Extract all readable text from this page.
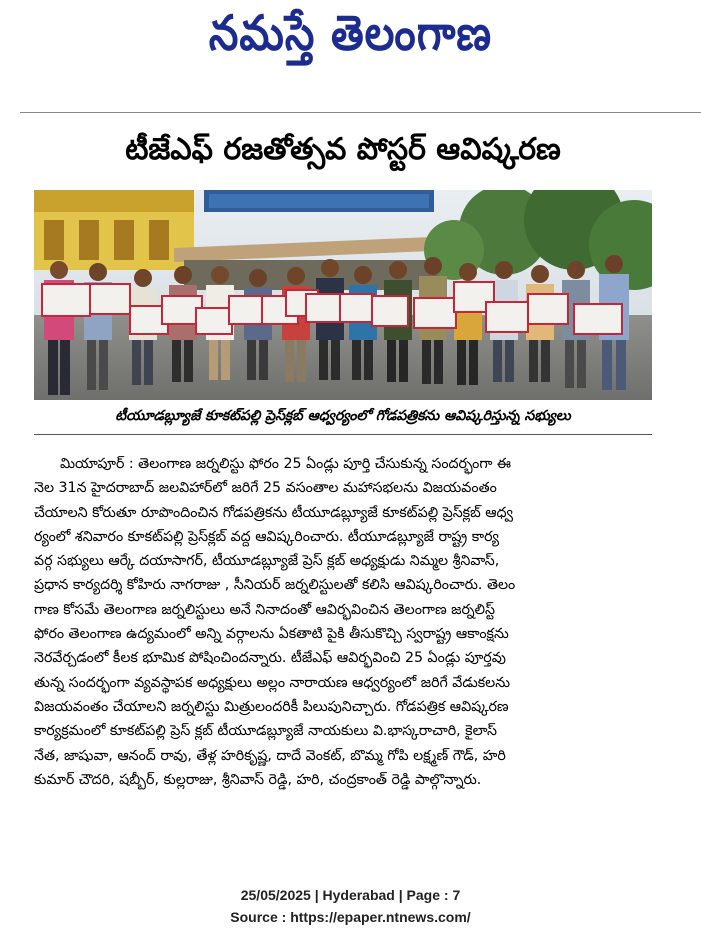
నమస్తే తెలంగాణ
టీజేఎఫ్ రజతోత్సవ పోస్టర్ ఆవిష్కరణ
టీయూడబ్ల్యూజే కూకట్‌పల్లి ప్రెస్‌క్లబ్ ఆధ్వర్యంలో గోడపత్రికను ఆవిష్కరిస్తున్న సభ్యులు

మియాపూర్ : తెలంగాణ జర్నలిస్టు ఫోరం 25 ఏండ్లు పూర్తి చేసుకున్న సందర్భంగా ఈ

నెల 31న హైదరాబాద్ జలవిహార్‌లో జరిగే 25 వసంతాల మహాసభలను విజయవంతం

చేయాలని కోరుతూ రూపొందించిన గోడపత్రికను టీయూడబ్ల్యూజే కూకట్‌పల్లి ప్రెస్‌క్లబ్ ఆధ్వ

ర్యంలో శనివారం కూకట్‌పల్లి ప్రెస్‌క్లబ్ వద్ద ఆవిష్కరించారు. టీయూడబ్ల్యూజే రాష్ట్ర కార్య

వర్గ సభ్యులు ఆర్కే దయాసాగర్, టీయూడబ్ల్యూజే ప్రెస్ క్లబ్ అధ్యక్షుడు నిమ్మల శ్రీనివాస్,

ప్రధాన కార్యదర్శి కోహిరు నాగరాజు , సీనియర్ జర్నలిస్టులతో కలిసి ఆవిష్కరించారు. తెలం

గాణ కోసమే తెలంగాణ జర్నలిస్టులు అనే నినాదంతో ఆవిర్భవించిన తెలంగాణ జర్నలిస్ట్

ఫోరం తెలంగాణ ఉద్యమంలో అన్ని వర్గాలను ఏకతాటి పైకి తీసుకొచ్చి స్వరాష్ట్ర ఆకాంక్షను

నెరవేర్చడంలో కీలక భూమిక పోషించిందన్నారు. టీజేఎఫ్ ఆవిర్భవించి 25 ఏండ్లు పూర్తవు

తున్న సందర్భంగా వ్యవస్థాపక అధ్యక్షులు అల్లం నారాయణ ఆధ్వర్యంలో జరిగే వేడుకలను

విజయవంతం చేయాలని జర్నలిస్టు మిత్రులందరికీ పిలుపునిచ్చారు. గోడపత్రిక ఆవిష్కరణ

కార్యక్రమంలో కూకట్‌పల్లి ప్రెస్ క్లబ్ టీయూడబ్ల్యూజే నాయకులు వి.భాస్కరాచారి, కైలాస్

నేత, జాషువా, ఆనంద్ రావు, తేళ్ల హరికృష్ణ, దాదే వెంకట్, బొమ్మ గోపి లక్ష్మణ్ గౌడ్, హరి

కుమార్ చౌదరి, షబ్బీర్, కుల్లరాజు, శ్రీనివాస్ రెడ్డి, హరి, చంద్రకాంత్ రెడ్డి పాల్గొన్నారు.

25/05/2025 | Hyderabad | Page : 7
Source : https://epaper.ntnews.com/
